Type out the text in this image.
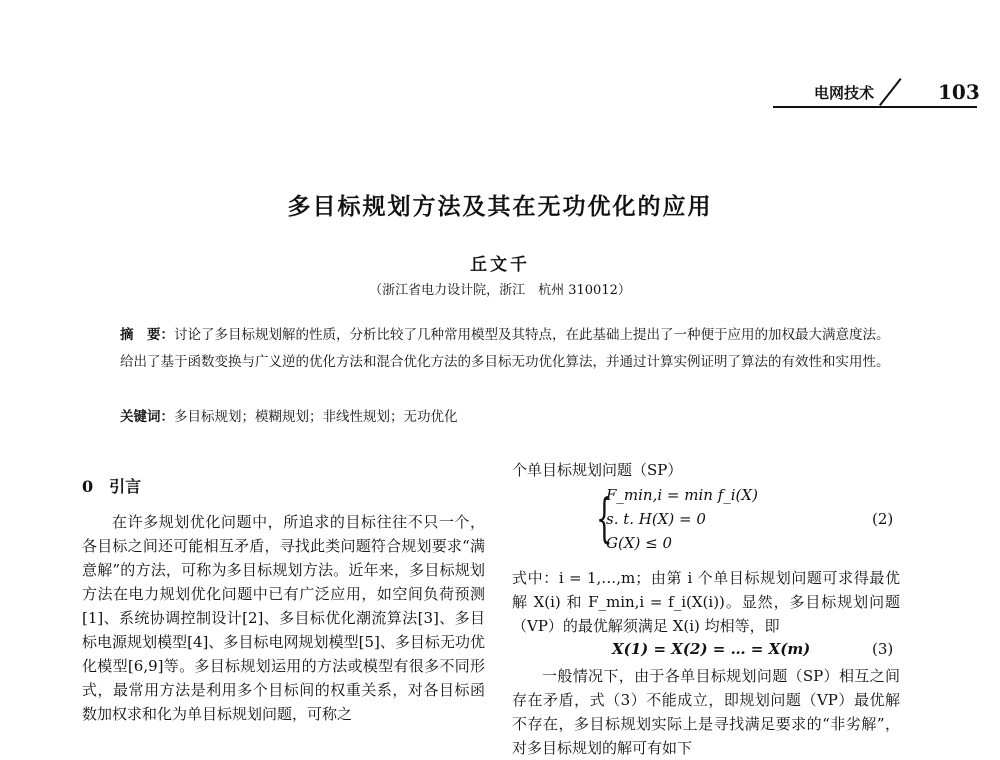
电网技术	103
多目标规划方法及其在无功优化的应用
丘文千
（浙江省电力设计院，浙江　杭州 310012）
摘　要：讨论了多目标规划解的性质，分析比较了几种常用模型及其特点，在此基础上提出了一种便于应用的加权最大满意度法。给出了基于函数变换与广义逆的优化方法和混合优化方法的多目标无功优化算法，并通过计算实例证明了算法的有效性和实用性。
关键词：多目标规划；模糊规划；非线性规划；无功优化
0　引言
在许多规划优化问题中，所追求的目标往往不只一个，各目标之间还可能相互矛盾，寻找此类问题符合规划要求“满意解”的方法，可称为多目标规划方法。近年来，多目标规划方法在电力规划优化问题中已有广泛应用，如空间负荷预测[1]、系统协调控制设计[2]、多目标优化潮流算法[3]、多目标电源规划模型[4]、多目标电网规划模型[5]、多目标无功优化模型[6,9]等。多目标规划运用的方法或模型有很多不同形式，最常用方法是利用多个目标间的权重关系，对各目标函数加权求和化为单目标规划问题，可称之
个单目标规划问题（SP）
{
F_min,i = min f_i(X)
s. t. H(X) = 0
G(X) ≤ 0
(2)
式中：i = 1,…,m；由第 i 个单目标规划问题可求得最优解 X(i) 和 F_min,i = f_i(X(i))。显然，多目标规划问题（VP）的最优解须满足 X(i) 均相等，即
X(1) = X(2) = … = X(m)	(3)
一般情况下，由于各单目标规划问题（SP）相互之间存在矛盾，式（3）不能成立，即规划问题（VP）最优解不存在，多目标规划实际上是寻找满足要求的“非劣解”，对多目标规划的解可有如下
